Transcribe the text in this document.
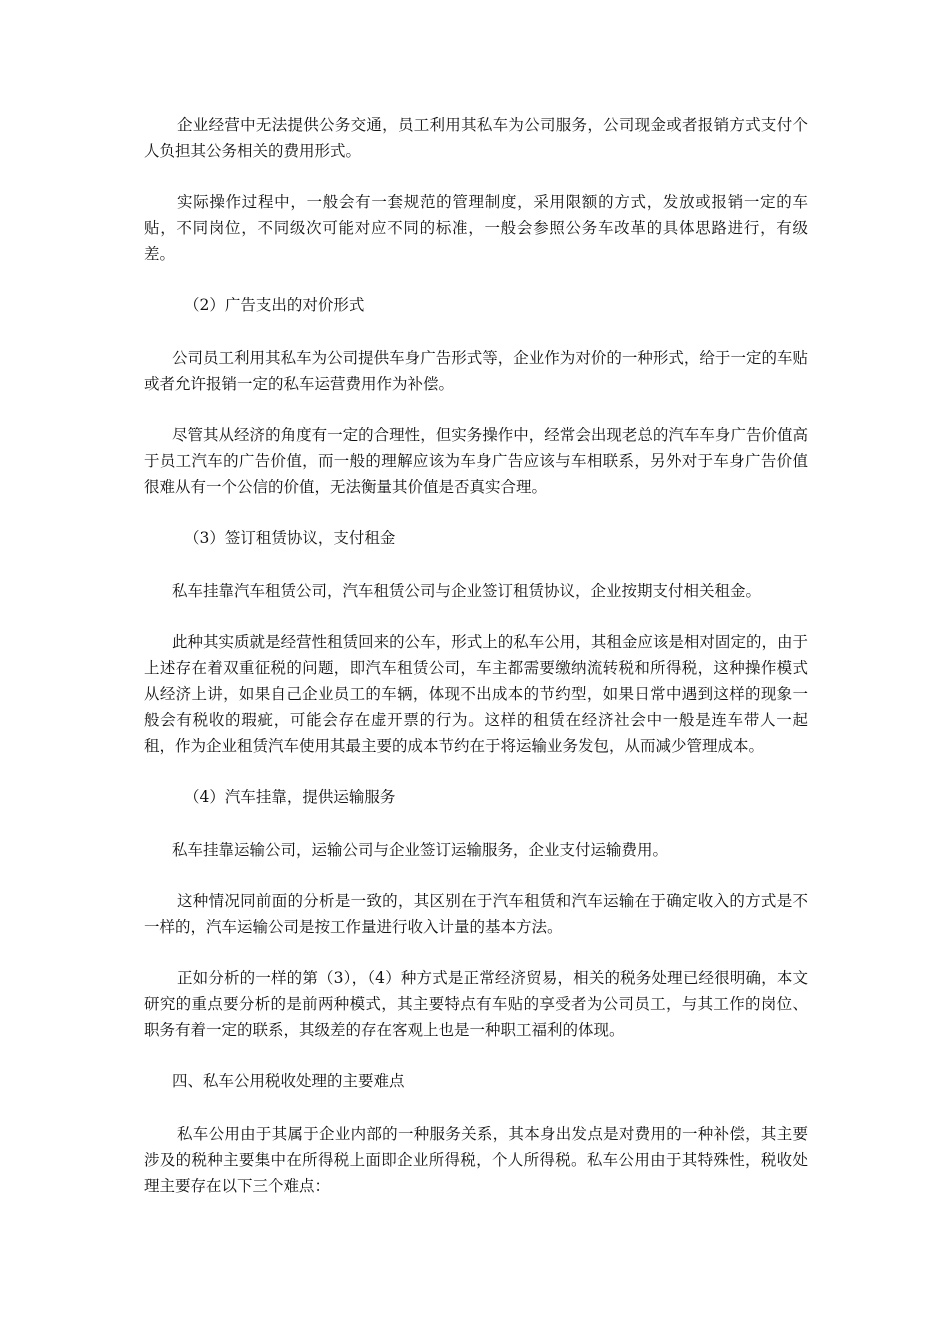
企业经营中无法提供公务交通，员工利用其私车为公司服务，公司现金或者报销方式支付个人负担其公务相关的费用形式。

实际操作过程中，一般会有一套规范的管理制度，采用限额的方式，发放或报销一定的车贴，不同岗位，不同级次可能对应不同的标准，一般会参照公务车改革的具体思路进行，有级差。

（2）广告支出的对价形式

公司员工利用其私车为公司提供车身广告形式等，企业作为对价的一种形式，给于一定的车贴或者允许报销一定的私车运营费用作为补偿。

尽管其从经济的角度有一定的合理性，但实务操作中，经常会出现老总的汽车车身广告价值高于员工汽车的广告价值，而一般的理解应该为车身广告应该与车相联系，另外对于车身广告价值很难从有一个公信的价值，无法衡量其价值是否真实合理。

（3）签订租赁协议，支付租金

私车挂靠汽车租赁公司，汽车租赁公司与企业签订租赁协议，企业按期支付相关租金。

此种其实质就是经营性租赁回来的公车，形式上的私车公用，其租金应该是相对固定的，由于上述存在着双重征税的问题，即汽车租赁公司，车主都需要缴纳流转税和所得税，这种操作模式从经济上讲，如果自己企业员工的车辆，体现不出成本的节约型，如果日常中遇到这样的现象一般会有税收的瑕疵，可能会存在虚开票的行为。这样的租赁在经济社会中一般是连车带人一起租，作为企业租赁汽车使用其最主要的成本节约在于将运输业务发包，从而减少管理成本。

（4）汽车挂靠，提供运输服务

私车挂靠运输公司，运输公司与企业签订运输服务，企业支付运输费用。

这种情况同前面的分析是一致的，其区别在于汽车租赁和汽车运输在于确定收入的方式是不一样的，汽车运输公司是按工作量进行收入计量的基本方法。

正如分析的一样的第（3），（4）种方式是正常经济贸易，相关的税务处理已经很明确，本文研究的重点要分析的是前两种模式，其主要特点有车贴的享受者为公司员工，与其工作的岗位、职务有着一定的联系，其级差的存在客观上也是一种职工福利的体现。

四、私车公用税收处理的主要难点

私车公用由于其属于企业内部的一种服务关系，其本身出发点是对费用的一种补偿，其主要涉及的税种主要集中在所得税上面即企业所得税，个人所得税。私车公用由于其特殊性，税收处理主要存在以下三个难点：
